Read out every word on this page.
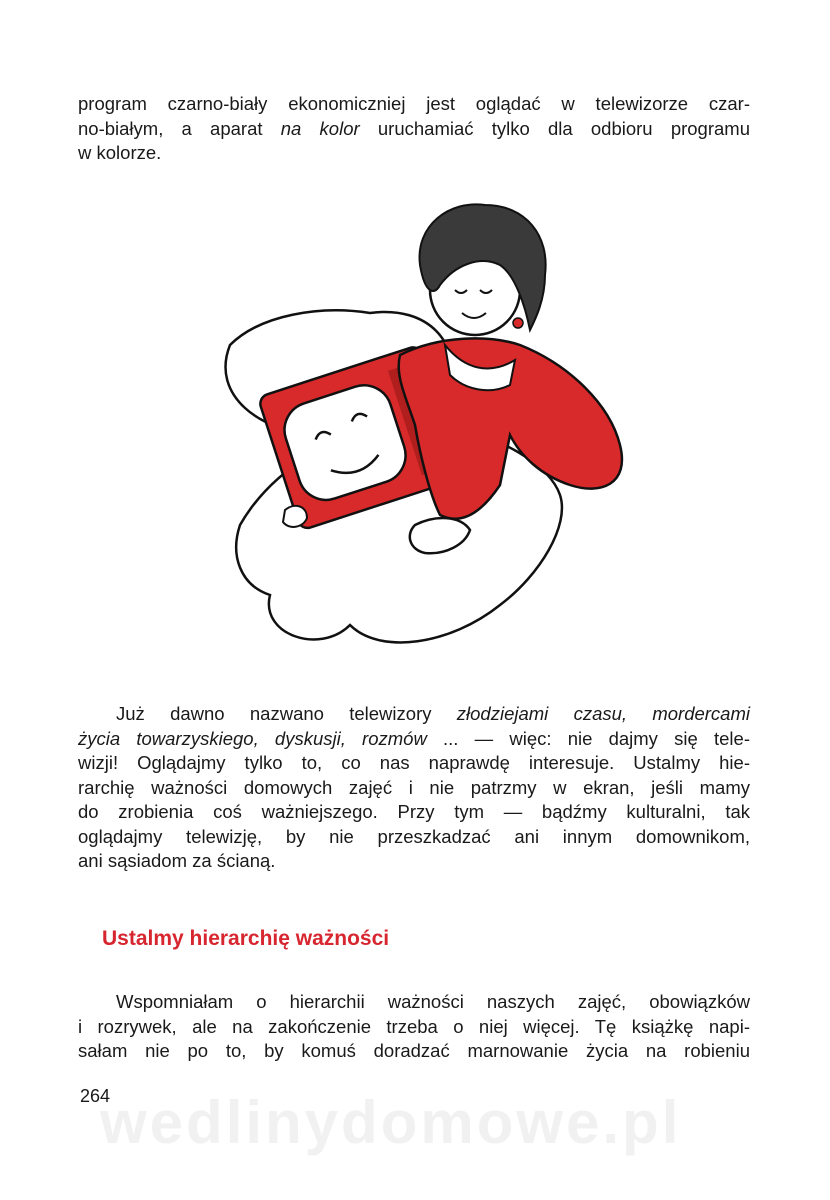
program czarno-biały ekonomiczniej jest oglądać w telewizorze czar-
no-białym, a aparat na kolor uruchamiać tylko dla odbioru programu
w kolorze.

Już dawno nazwano telewizory złodziejami czasu, mordercami
życia towarzyskiego, dyskusji, rozmów ... — więc: nie dajmy się tele-
wizji! Oglądajmy tylko to, co nas naprawdę interesuje. Ustalmy hie-
rarchię ważności domowych zajęć i nie patrzmy w ekran, jeśli mamy
do zrobienia coś ważniejszego. Przy tym — bądźmy kulturalni, tak
oglądajmy telewizję, by nie przeszkadzać ani innym domownikom,
ani sąsiadom za ścianą.

Ustalmy hierarchię ważności

Wspomniałam o hierarchii ważności naszych zajęć, obowiązków
i rozrywek, ale na zakończenie trzeba o niej więcej. Tę książkę napi-
sałam nie po to, by komuś doradzać marnowanie życia na robieniu

wedlinydomowe.pl
264
